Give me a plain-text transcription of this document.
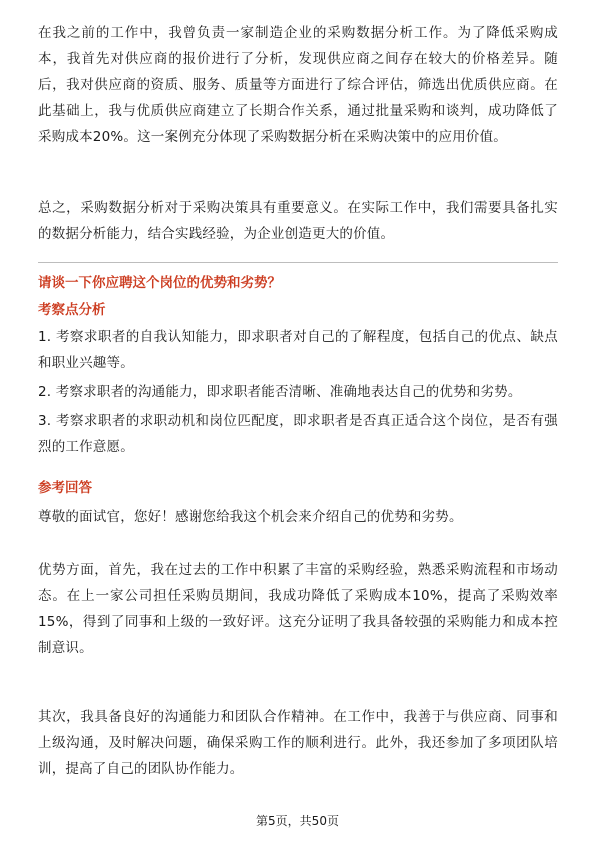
在我之前的工作中，我曾负责一家制造企业的采购数据分析工作。为了降低采购成本，我首先对供应商的报价进行了分析，发现供应商之间存在较大的价格差异。随后，我对供应商的资质、服务、质量等方面进行了综合评估，筛选出优质供应商。在此基础上，我与优质供应商建立了长期合作关系，通过批量采购和谈判，成功降低了采购成本20%。这一案例充分体现了采购数据分析在采购决策中的应用价值。

总之，采购数据分析对于采购决策具有重要意义。在实际工作中，我们需要具备扎实的数据分析能力，结合实践经验，为企业创造更大的价值。

请谈一下你应聘这个岗位的优势和劣势？

考察点分析

1. 考察求职者的自我认知能力，即求职者对自己的了解程度，包括自己的优点、缺点和职业兴趣等。

2. 考察求职者的沟通能力，即求职者能否清晰、准确地表达自己的优势和劣势。

3. 考察求职者的求职动机和岗位匹配度，即求职者是否真正适合这个岗位，是否有强烈的工作意愿。

参考回答

尊敬的面试官，您好！感谢您给我这个机会来介绍自己的优势和劣势。

优势方面，首先，我在过去的工作中积累了丰富的采购经验，熟悉采购流程和市场动态。在上一家公司担任采购员期间，我成功降低了采购成本10%，提高了采购效率15%，得到了同事和上级的一致好评。这充分证明了我具备较强的采购能力和成本控制意识。

其次，我具备良好的沟通能力和团队合作精神。在工作中，我善于与供应商、同事和上级沟通，及时解决问题，确保采购工作的顺利进行。此外，我还参加了多项团队培训，提高了自己的团队协作能力。

第5页，共50页
